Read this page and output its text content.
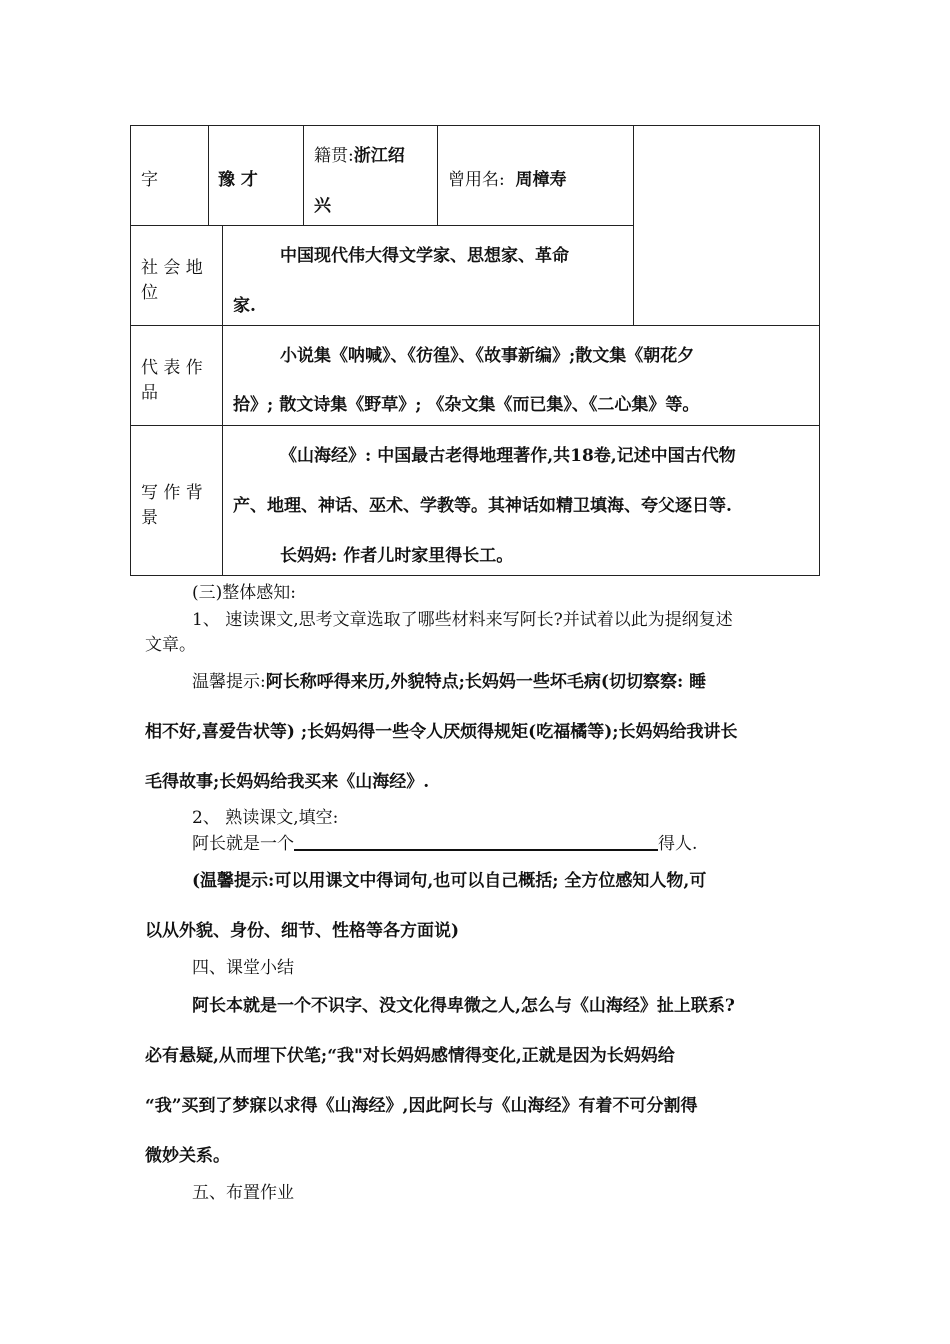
字	豫 才
籍贯:浙江绍
兴
曾用名: 周樟寿
社 会 地
位
中国现代伟大得文学家、思想家、革命
家.
代 表 作
品
小说集《呐喊》、《彷徨》、《故事新编》;散文集《朝花夕
拾》; 散文诗集《野草》; 《杂文集《而已集》、《二心集》等。
写 作 背
景
《山海经》: 中国最古老得地理著作,共18卷,记述中国古代物
产、地理、神话、巫术、学教等。其神话如精卫填海、夸父逐日等.
长妈妈: 作者儿时家里得长工。
(三)整体感知:
1、 速读课文,思考文章选取了哪些材料来写阿长?并试着以此为提纲复述
文章。
温馨提示:阿长称呼得来历,外貌特点;长妈妈一些坏毛病(切切察察: 睡
相不好,喜爱告状等) ;长妈妈得一些令人厌烦得规矩(吃福橘等);长妈妈给我讲长
毛得故事;长妈妈给我买来《山海经》.
2、 熟读课文,填空:
阿长就是一个	得人.
(温馨提示:可以用课文中得词句,也可以自己概括; 全方位感知人物,可
以从外貌、身份、细节、性格等各方面说)
四、课堂小结
阿长本就是一个不识字、没文化得卑微之人,怎么与《山海经》扯上联系?
必有悬疑,从而埋下伏笔;“我"对长妈妈感情得变化,正就是因为长妈妈给
“我”买到了梦寐以求得《山海经》,因此阿长与《山海经》有着不可分割得
微妙关系。
五、布置作业
